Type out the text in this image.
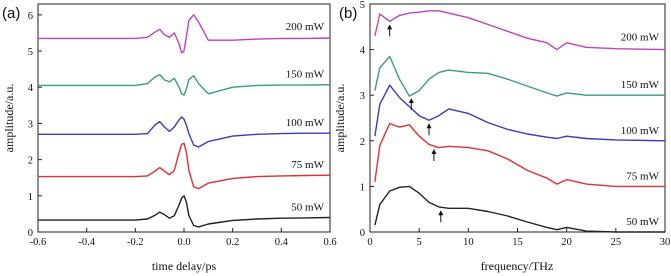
(a)
amplitude/a.u.
time delay/ps
-0.6	-0.4	-0.2	0.0	0.2	0.4	0.6
0
1
2
3
4
5
6
50 mW
75 mW
100 mW
150 mW
200 mW
(b)
amplitude/a.u.
frequency/THz
0	5	10	15	20	25	30
0
1
2
3
4
5
50 mW
75 mW
100 mW
150 mW
200 mW
